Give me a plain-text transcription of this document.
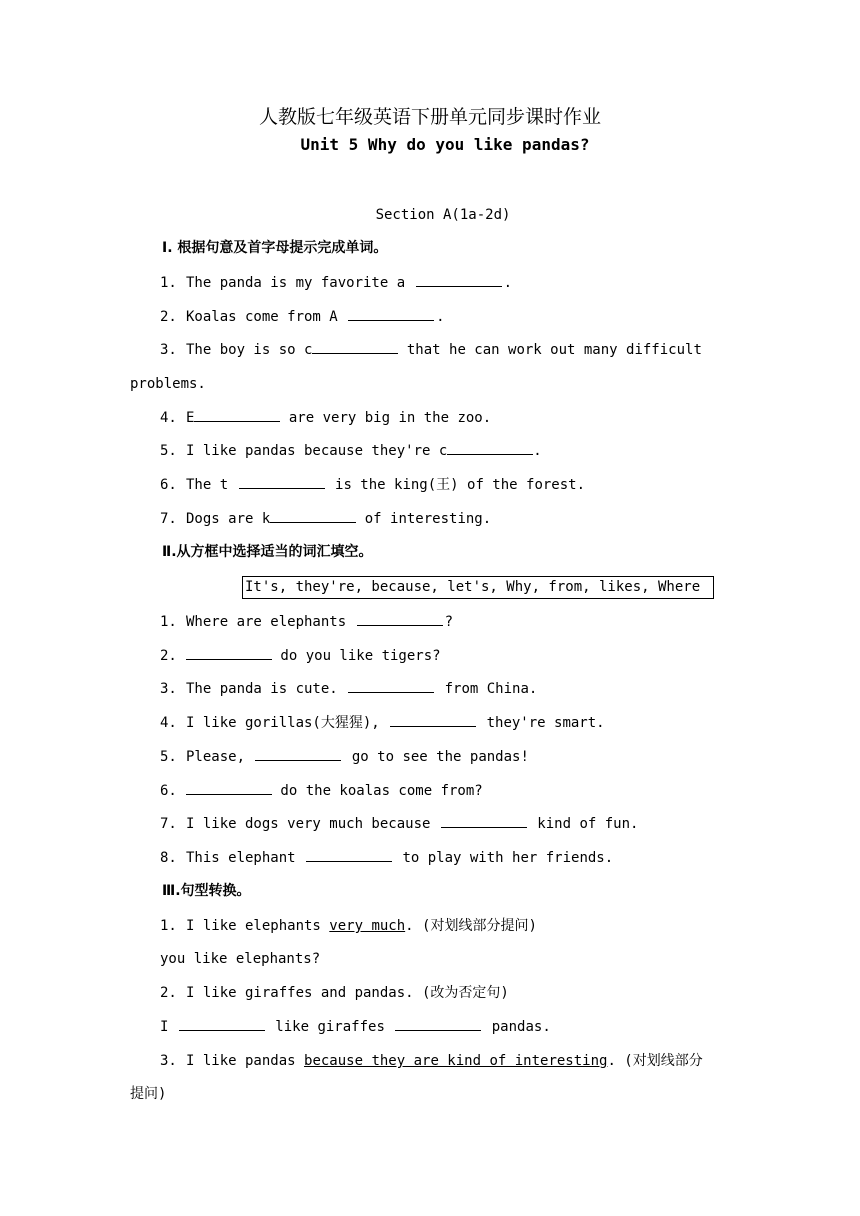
人教版七年级英语下册单元同步课时作业
Unit 5 Why do you like pandas?
Section A(1a-2d)
Ⅰ. 根据句意及首字母提示完成单词。
1. The panda is my favorite a	.
2. Koalas come from A	.
3. The boy is so c	that he can work out many difficult
problems.
4. E	are very big in the zoo.
5. I like pandas because they're c	.
6. The t	is the king(王) of the forest.
7. Dogs are k	of interesting.
Ⅱ.从方框中选择适当的词汇填空。
It's, they're, because, let's, Why, from, likes, Where
1. Where are elephants	?
2.	do you like tigers?
3. The panda is cute.	from China.
4. I like gorillas(大猩猩),	they're smart.
5. Please,	go to see the pandas!
6.	do the koalas come from?
7. I like dogs very much because	kind of fun.
8. This elephant	to play with her friends.
Ⅲ.句型转换。
1. I like elephants very much. (对划线部分提问)
you like elephants?
2. I like giraffes and pandas. (改为否定句)
I	like giraffes	pandas.
3. I like pandas because they are kind of interesting. (对划线部分
提问)
